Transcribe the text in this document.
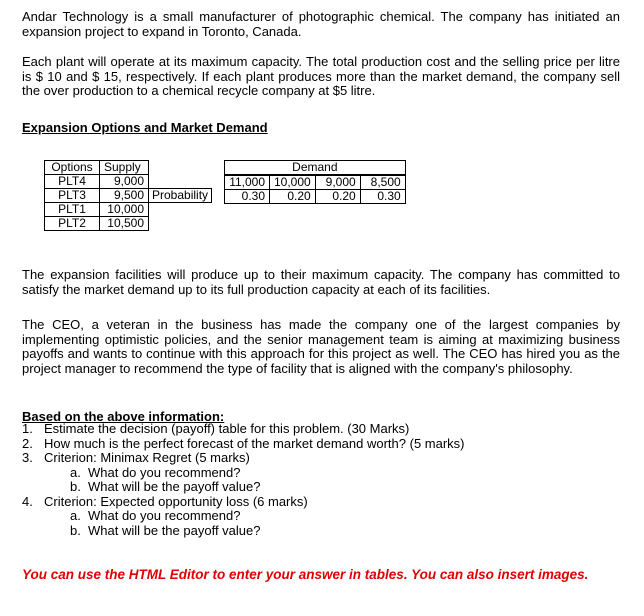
Andar Technology is a small manufacturer of photographic chemical. The company has initiated an expansion project to expand in Toronto, Canada.

Each plant will operate at its maximum capacity. The total production cost and the selling price per litre is $ 10 and $ 15, respectively. If each plant produces more than the market demand, the company sell the over production to a chemical recycle company at $5 litre.

Expansion Options and Market Demand

Options	Supply	
PLT4	9,000	
PLT3	9,500	Probability
PLT1	10,000	
PLT2	10,500	
Demand			
11,000	10,000	9,000	8,500
0.30	0.20	0.20	0.30

The expansion facilities will produce up to their maximum capacity. The company has committed to satisfy the market demand up to its full production capacity at each of its facilities.

The CEO, a veteran in the business has made the company one of the largest companies by implementing optimistic policies, and the senior management team is aiming at maximizing business payoffs and wants to continue with this approach for this project as well. The CEO has hired you as the project manager to recommend the type of facility that is aligned with the company's philosophy.

Based on the above information:

1. Estimate the decision (payoff) table for this problem. (30 Marks)
2. How much is the perfect forecast of the market demand worth? (5 marks)
3. Criterion: Minimax Regret (5 marks)
a. What do you recommend?
b. What will be the payoff value?
4. Criterion: Expected opportunity loss (6 marks)
a. What do you recommend?
b. What will be the payoff value?

You can use the HTML Editor to enter your answer in tables. You can also insert images.
